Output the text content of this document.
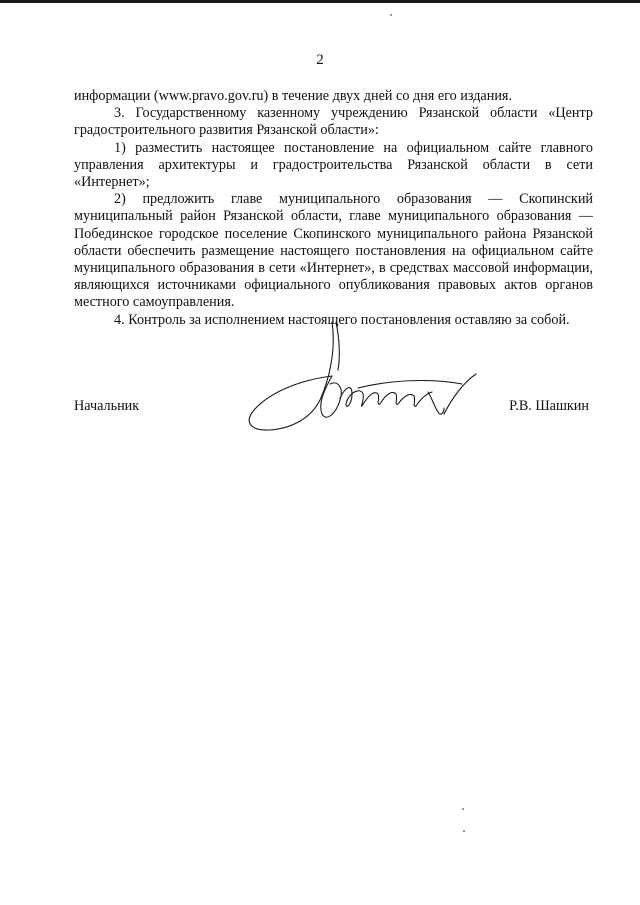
2

информации (www.pravo.gov.ru) в течение двух дней со дня его издания.

3. Государственному казенному учреждению Рязанской области «Центр градостроительного развития Рязанской области»:

1) разместить настоящее постановление на официальном сайте главного управления архитектуры и градостроительства Рязанской области в сети «Интернет»;

2) предложить главе муниципального образования — Скопинский муниципальный район Рязанской области, главе муниципального образования — Побединское городское поселение Скопинского муниципального района Рязанской области обеспечить размещение настоящего постановления на официальном сайте муниципального образования в сети «Интернет», в средствах массовой информации, являющихся источниками официального опубликования правовых актов органов местного самоуправления.

4. Контроль за исполнением настоящего постановления оставляю за собой.

Начальник	Р.В. Шашкин
